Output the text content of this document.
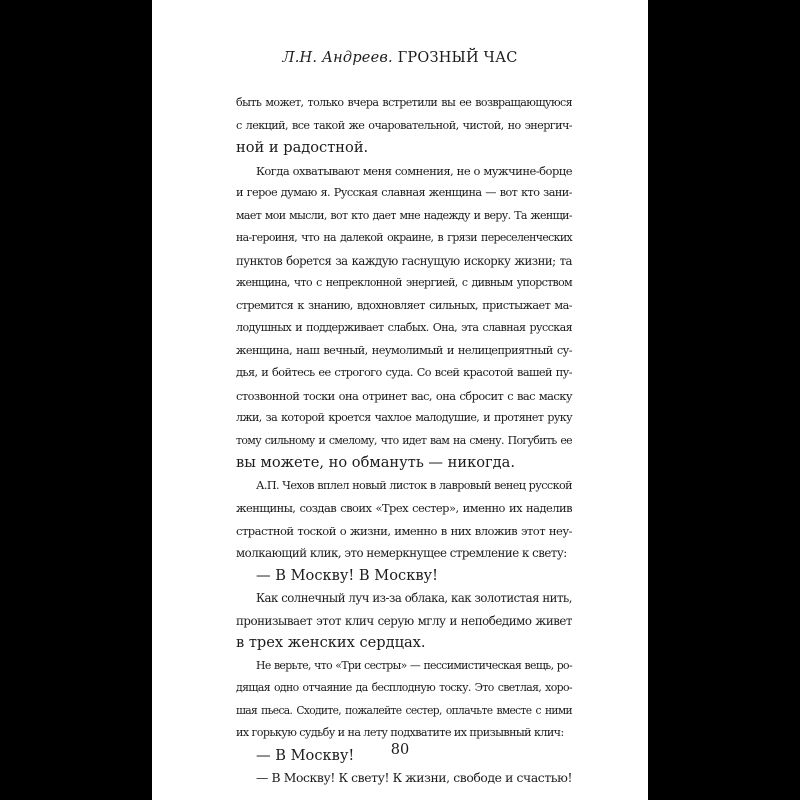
Л.Н. Андреев. ГРОЗНЫЙ ЧАС
быть может, только вчера встретили вы ее возвращающуюся
с лекций, все такой же очаровательной, чистой, но энергич-
ной и радостной.
Когда охватывают меня сомнения, не о мужчине-борце
и герое думаю я. Русская славная женщина — вот кто зани-
мает мои мысли, вот кто дает мне надежду и веру. Та женщи-
на-героиня, что на далекой окраине, в грязи переселенческих
пунктов борется за каждую гаснущую искорку жизни; та
женщина, что с непреклонной энергией, с дивным упорством
стремится к знанию, вдохновляет сильных, пристыжает ма-
лодушных и поддерживает слабых. Она, эта славная русская
женщина, наш вечный, неумолимый и нелицеприятный су-
дья, и бойтесь ее строгого суда. Со всей красотой вашей пу-
стозвонной тоски она отринет вас, она сбросит с вас маску
лжи, за которой кроется чахлое малодушие, и протянет руку
тому сильному и смелому, что идет вам на смену. Погубить ее
вы можете, но обмануть — никогда.
А.П. Чехов вплел новый листок в лавровый венец русской
женщины, создав своих «Трех сестер», именно их наделив
страстной тоской о жизни, именно в них вложив этот неу-
молкающий клик, это немеркнущее стремление к свету:
— В Москву! В Москву!
Как солнечный луч из-за облака, как золотистая нить,
пронизывает этот клич серую мглу и непобедимо живет
в трех женских сердцах.
Не верьте, что «Три сестры» — пессимистическая вещь, ро-
дящая одно отчаяние да бесплодную тоску. Это светлая, хоро-
шая пьеса. Сходите, пожалейте сестер, оплачьте вместе с ними
их горькую судьбу и на лету подхватите их призывный клич:
— В Москву!
— В Москву! К свету! К жизни, свободе и счастью!
80
